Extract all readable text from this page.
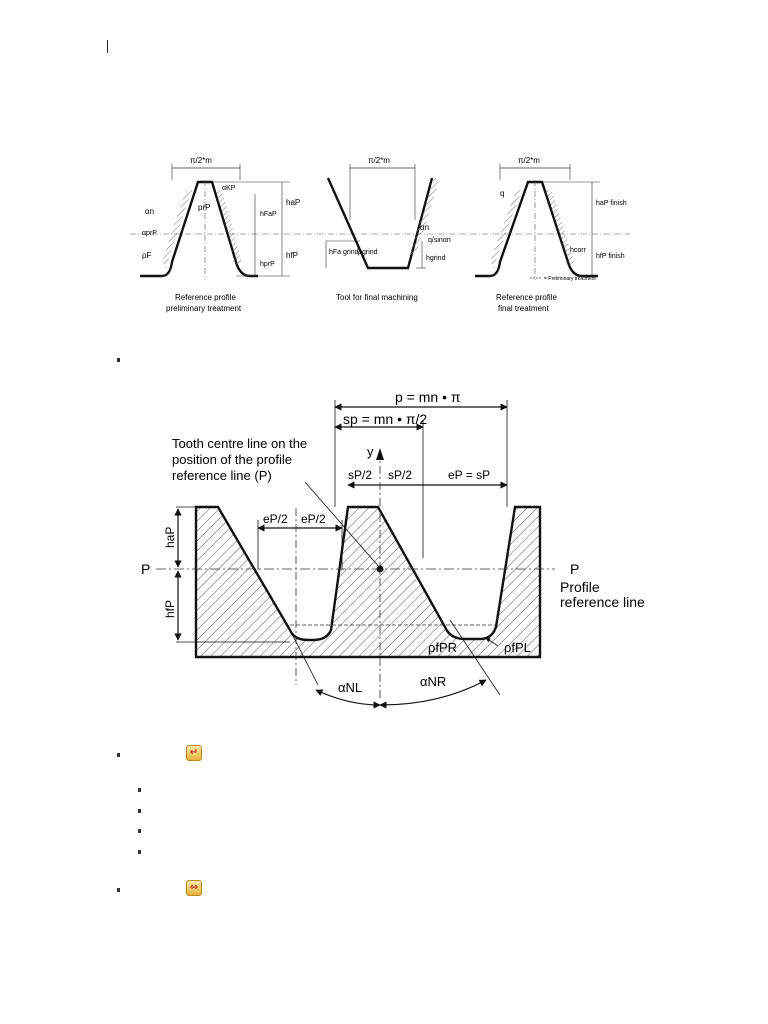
π/2*m
αn
αprP
ρF
prP
αKP
haP
hFaP
hfP
hprP
Reference profile
preliminary treatment
π/2*m
αn
q/sinαn
hFa grind ρgrind
hgrind
Tool for final machining
π/2*m
q
haP finish
hcorr
hfP finish
= Preliminary treatment
Reference profile
final treatment
p = mn • π
sp = mn • π/2
y
Tooth centre line on the
position of the profile
reference line (P)	sP/2 sP/2	eP = sP
eP/2 eP/2
P	P
Profile
reference line
haP
hfP
ρfPR	ρfPL
αNL	αNR
↵
⇔
